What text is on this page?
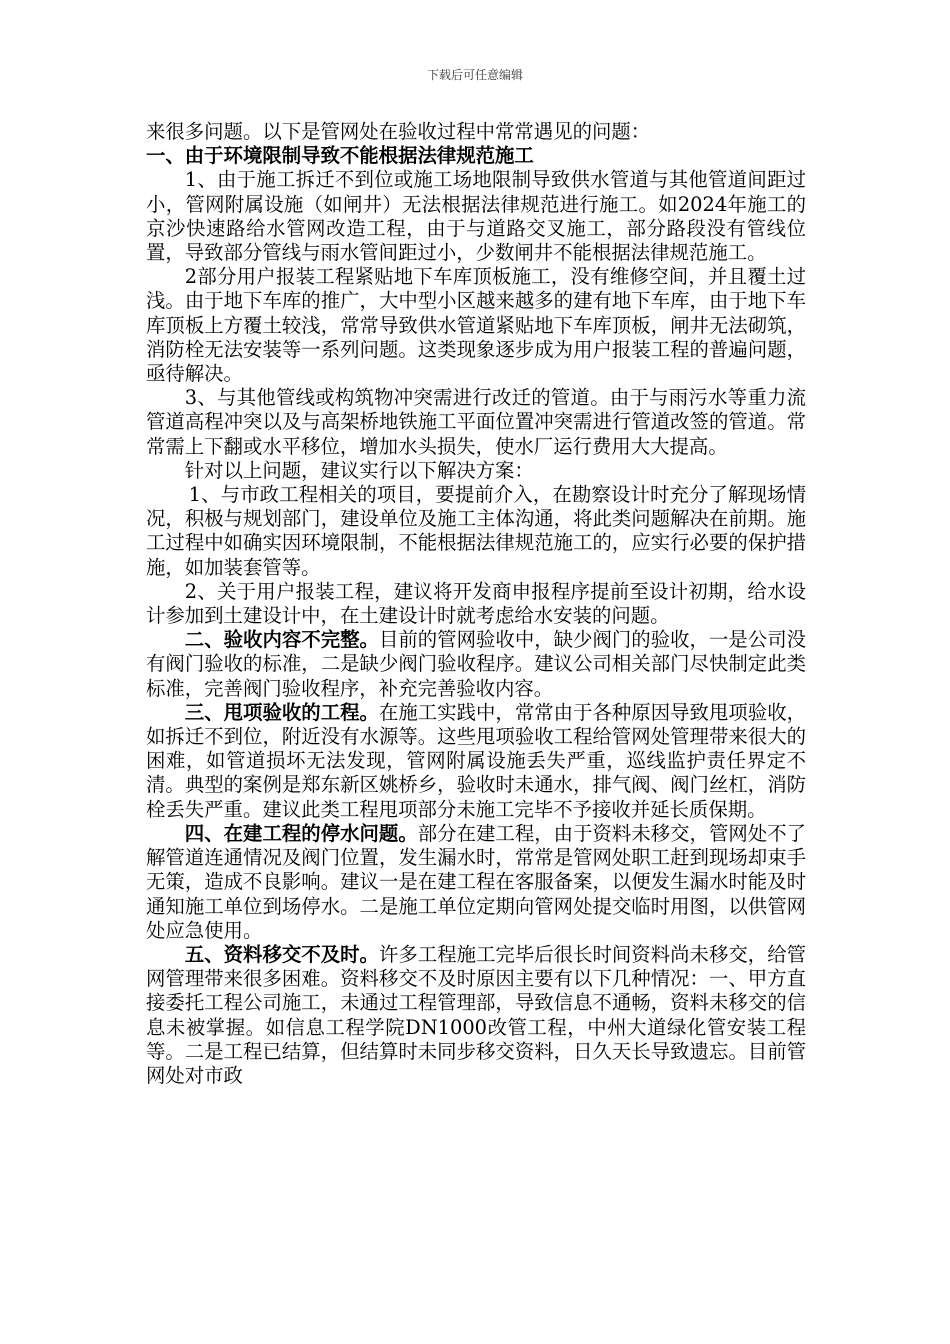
下载后可任意编辑

来很多问题。以下是管网处在验收过程中常常遇见的问题：

一、由于环境限制导致不能根据法律规范施工

1、由于施工拆迁不到位或施工场地限制导致供水管道与其他管道间距过小，管网附属设施（如闸井）无法根据法律规范进行施工。如2024年施工的京沙快速路给水管网改造工程，由于与道路交叉施工，部分路段没有管线位置，导致部分管线与雨水管间距过小，少数闸井不能根据法律规范施工。

2部分用户报装工程紧贴地下车库顶板施工，没有维修空间，并且覆土过浅。由于地下车库的推广，大中型小区越来越多的建有地下车库，由于地下车库顶板上方覆土较浅，常常导致供水管道紧贴地下车库顶板，闸井无法砌筑，消防栓无法安装等一系列问题。这类现象逐步成为用户报装工程的普遍问题，亟待解决。

3、与其他管线或构筑物冲突需进行改迁的管道。由于与雨污水等重力流管道高程冲突以及与高架桥地铁施工平面位置冲突需进行管道改签的管道。常常需上下翻或水平移位，增加水头损失，使水厂运行费用大大提高。

针对以上问题，建议实行以下解决方案：

1、与市政工程相关的项目，要提前介入，在勘察设计时充分了解现场情况，积极与规划部门，建设单位及施工主体沟通，将此类问题解决在前期。施工过程中如确实因环境限制，不能根据法律规范施工的，应实行必要的保护措施，如加装套管等。

2、关于用户报装工程，建议将开发商申报程序提前至设计初期，给水设计参加到土建设计中，在土建设计时就考虑给水安装的问题。

二、验收内容不完整。目前的管网验收中，缺少阀门的验收，一是公司没有阀门验收的标准，二是缺少阀门验收程序。建议公司相关部门尽快制定此类标准，完善阀门验收程序，补充完善验收内容。

三、甩项验收的工程。在施工实践中，常常由于各种原因导致甩项验收，如拆迁不到位，附近没有水源等。这些甩项验收工程给管网处管理带来很大的困难，如管道损坏无法发现，管网附属设施丢失严重，巡线监护责任界定不清。典型的案例是郑东新区姚桥乡，验收时未通水，排气阀、阀门丝杠，消防栓丢失严重。建议此类工程甩项部分未施工完毕不予接收并延长质保期。

四、在建工程的停水问题。部分在建工程，由于资料未移交，管网处不了解管道连通情况及阀门位置，发生漏水时，常常是管网处职工赶到现场却束手无策，造成不良影响。建议一是在建工程在客服备案，以便发生漏水时能及时通知施工单位到场停水。二是施工单位定期向管网处提交临时用图，以供管网处应急使用。

五、资料移交不及时。许多工程施工完毕后很长时间资料尚未移交，给管网管理带来很多困难。资料移交不及时原因主要有以下几种情况：一、甲方直接委托工程公司施工，未通过工程管理部，导致信息不通畅，资料未移交的信息未被掌握。如信息工程学院DN1000改管工程，中州大道绿化管安装工程等。二是工程已结算，但结算时未同步移交资料，日久天长导致遗忘。目前管网处对市政
